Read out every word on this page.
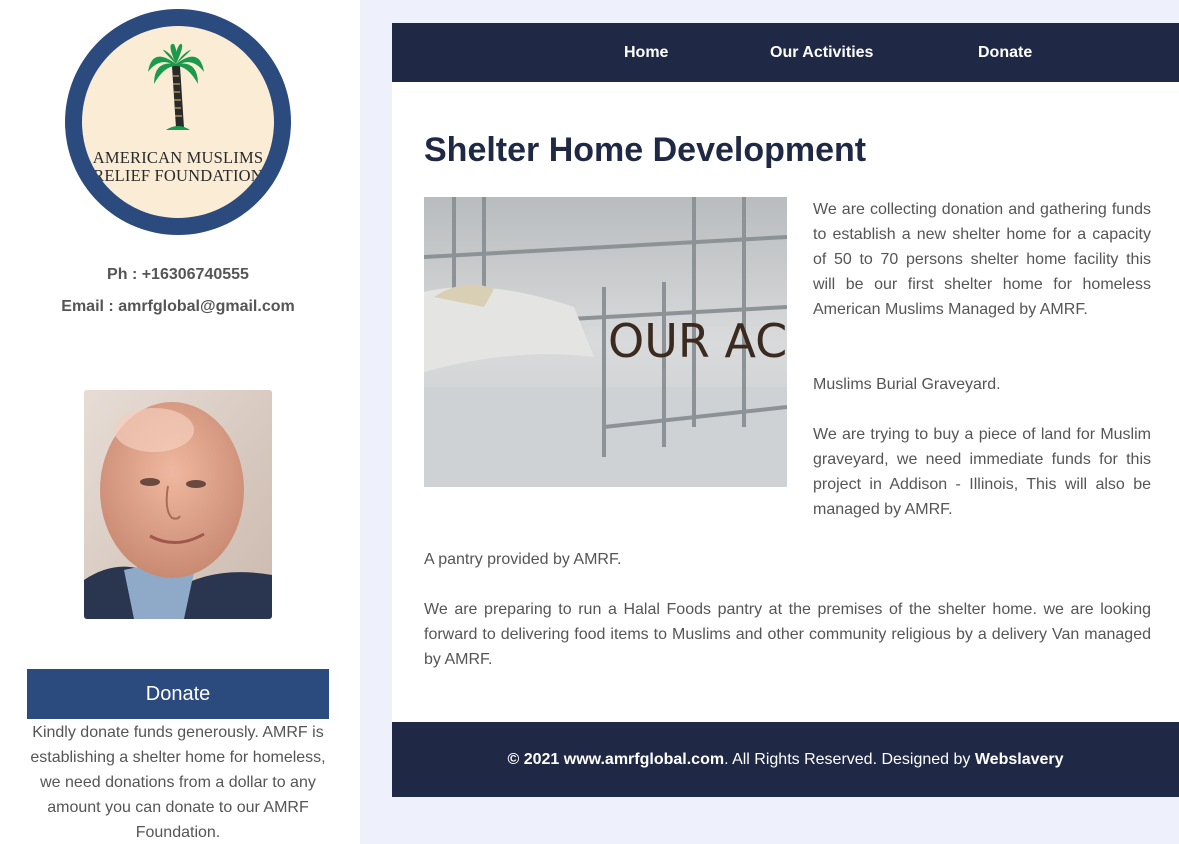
AMERICAN MUSLIMS
RELIEF FOUNDATION
Ph : +16306740555
Email : amrfglobal@gmail.com
Donate
Kindly donate funds generously. AMRF is establishing a shelter home for homeless, we need donations from a dollar to any amount you can donate to our AMRF Foundation.
Home	Our Activities	Donate
Shelter Home Development
OUR AC

We are collecting donation and gathering funds to establish a new shelter home for a capacity of 50 to 70 persons shelter home facility this will be our first shelter home for homeless American Muslims Managed by AMRF.

Muslims Burial Graveyard.

We are trying to buy a piece of land for Muslim graveyard, we need immediate funds for this project in Addison - Illinois, This will also be managed by AMRF.

A pantry provided by AMRF.

We are preparing to run a Halal Foods pantry at the premises of the shelter home. we are looking forward to delivering food items to Muslims and other community religious by a delivery Van managed by AMRF.

© 2021 www.amrfglobal.com. All Rights Reserved. Designed by Webslavery
